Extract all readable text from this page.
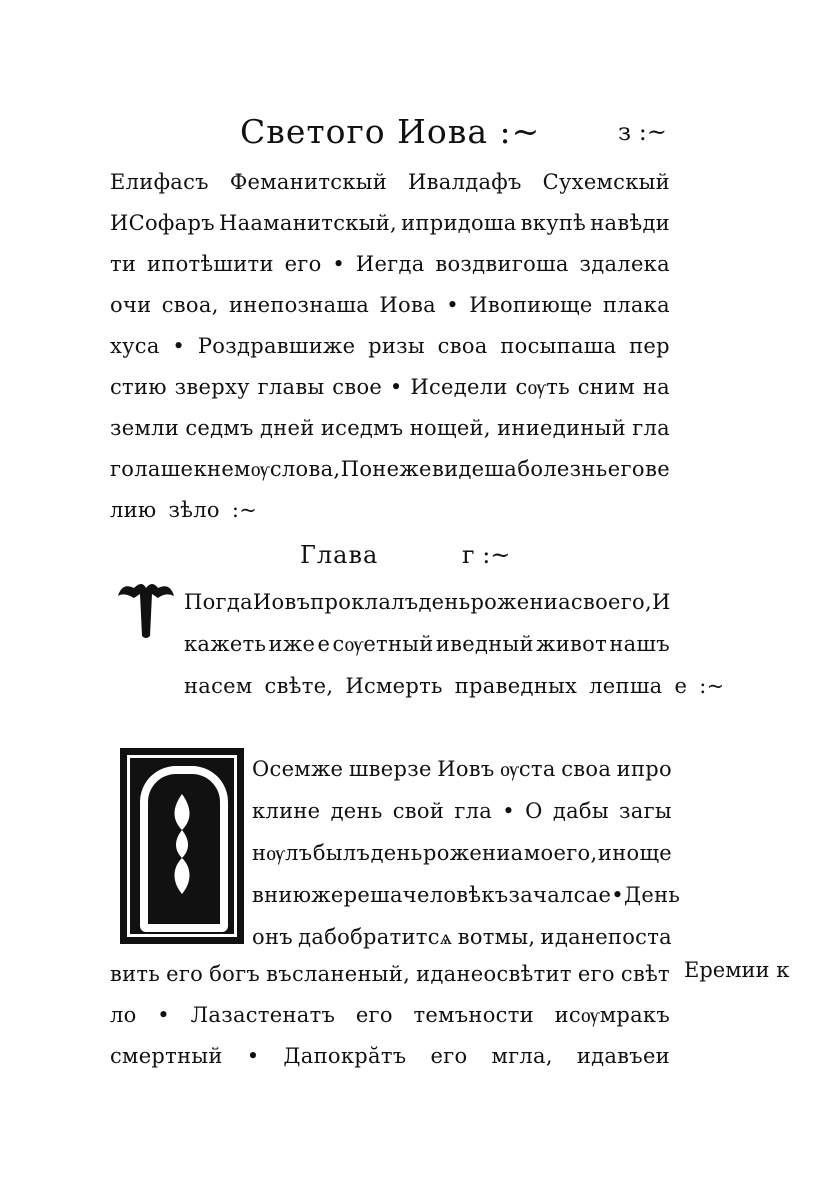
Светого Иова :~	з :~
Елифасъ Феманитскый Ивалдафъ Сухемскый
ИСофаръ Нааманитскый, ипридоша вкупѣ навѣди
ти ипотѣшити его • Иегда воздвигоша здалека
очи своа, инепознаша Иова • Ивопиюще плака
хуса • Роздравшиже ризы своа посыпаша пер
стию зверху главы свое • Иседели сѹть сним на
земли седмъ дней иседмъ нощей, иниединый гла
голаше кнемѹ слова, Понеже видеша болезнь его ве
лию зѣло :~
Глава	г :~
Погда Иовъ проклалъ день рожениа своего, И
кажеть иже е сѹетный иведный живот нашъ
насем свѣте, Исмерть праведных лепша е :~
Осемже шверзе Иовъ ѹста своа ипро
клине день свой гла • О дабы загы
нѹлъ былъ день рожениа моего, иноще
вниюже реша человѣкъ зачалсае • День
онъ дабобратитсѧ вотмы, иданепоста
вить его богъ въсланеный, иданеосвѣтит его свѣт
ло • Лазастенатъ его темъности исѹмракъ
смертный • Дапокрӑтъ его мгла, идавъеи
Еремии к
